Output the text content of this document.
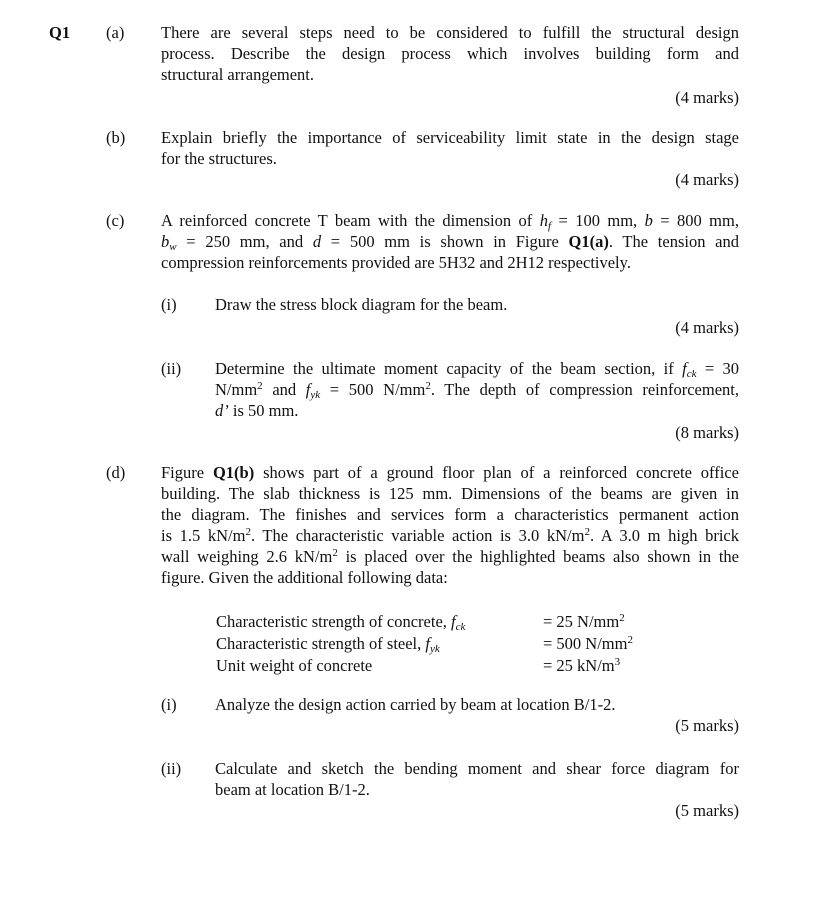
Q1 (a) There are several steps need to be considered to fulfill the structural design
process. Describe the design process which involves building form and
structural arrangement.
(4 marks)
(b) Explain briefly the importance of serviceability limit state in the design stage
for the structures.
(4 marks)
(c) A reinforced concrete T beam with the dimension of $h_f = 100$ mm, b = 800 mm,
$b_w = 250$ mm, and d = 500 mm is shown in Figure Q1(a). The tension and
compression reinforcements provided are 5H32 and 2H12 respectively.
(i) Draw the stress block diagram for the beam.
(4 marks)
(ii) Determine the ultimate moment capacity of the beam section, if $f_{ck} = 30$
$N/mm^2$ and $f_{yk} = 500$ $N/mm^2$. The depth of compression reinforcement,
d’ is 50 mm.
(8 marks)
(d) Figure Q1(b) shows part of a ground floor plan of a reinforced concrete office
building. The slab thickness is 125 mm. Dimensions of the beams are given in
the diagram. The finishes and services form a characteristics permanent action
is 1.5 $kN/m^2$. The characteristic variable action is 3.0 $kN/m^2$. A 3.0 m high brick
wall weighing 2.6 $kN/m^2$ is placed over the highlighted beams also shown in the
figure. Given the additional following data:
Characteristic strength of concrete, $f_{ck}$	= 25 $N/mm^2$
Characteristic strength of steel, $f_{yk}$	= 500 $N/mm^2$
Unit weight of concrete	= 25 $kN/m^3$
(i) Analyze the design action carried by beam at location B/1-2.
(5 marks)
(ii) Calculate and sketch the bending moment and shear force diagram for
beam at location B/1-2.
(5 marks)
